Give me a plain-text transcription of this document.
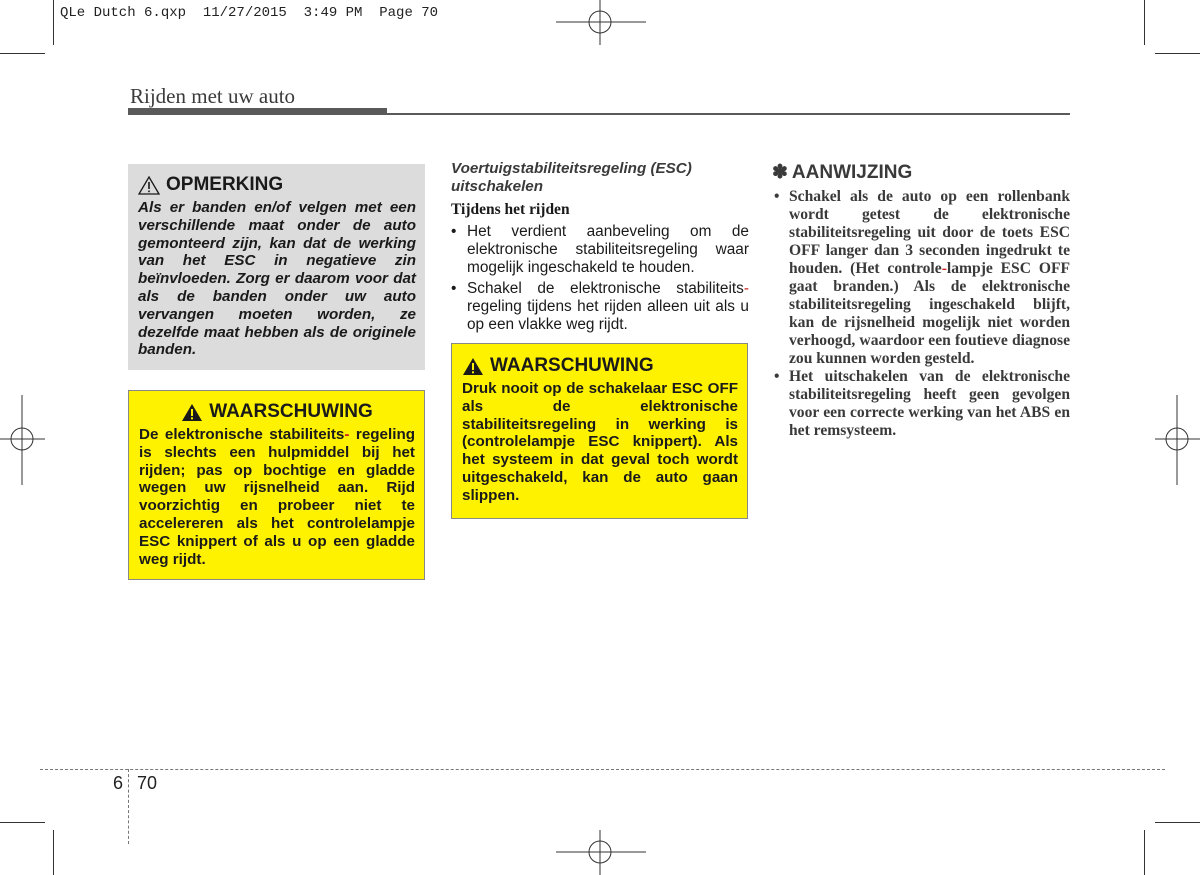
QLe Dutch 6.qxp  11/27/2015  3:49 PM  Page 70
Rijden met uw auto
OPMERKING

Als er banden en/of velgen met een verschillende maat onder de auto gemonteerd zijn, kan dat de werking van het ESC in negatieve zin beïnvloeden. Zorg er daarom voor dat als de banden onder uw auto vervangen moeten worden, ze dezelfde maat hebben als de originele banden.

WAARSCHUWING

De elektronische stabiliteits- regeling is slechts een hulpmiddel bij het rijden; pas op bochtige en gladde wegen uw rijsnelheid aan. Rijd voorzichtig en probeer niet te accelereren als het controlelampje ESC knippert of als u op een gladde weg rijdt.

Voertuigstabiliteitsregeling (ESC) uitschakelen
Tijdens het rijden
• Het verdient aanbeveling om de elektronische stabiliteitsregeling waar mogelijk ingeschakeld te houden.
• Schakel de elektronische stabiliteits- regeling tijdens het rijden alleen uit als u op een vlakke weg rijdt.
WAARSCHUWING

Druk nooit op de schakelaar ESC OFF als de elektronische stabiliteitsregeling in werking is (controlelampje ESC knippert). Als het systeem in dat geval toch wordt uitgeschakeld, kan de auto gaan slippen.

✽ AANWIJZING
• Schakel als de auto op een rollenbank wordt getest de elektronische stabiliteitsregeling uit door de toets ESC OFF langer dan 3 seconden ingedrukt te houden. (Het controle-lampje ESC OFF gaat branden.) Als de elektronische stabiliteitsregeling ingeschakeld blijft, kan de rijsnelheid mogelijk niet worden verhoogd, waardoor een foutieve diagnose zou kunnen worden gesteld.
• Het uitschakelen van de elektronische stabiliteitsregeling heeft geen gevolgen voor een correcte werking van het ABS en het remsysteem.
6 70
